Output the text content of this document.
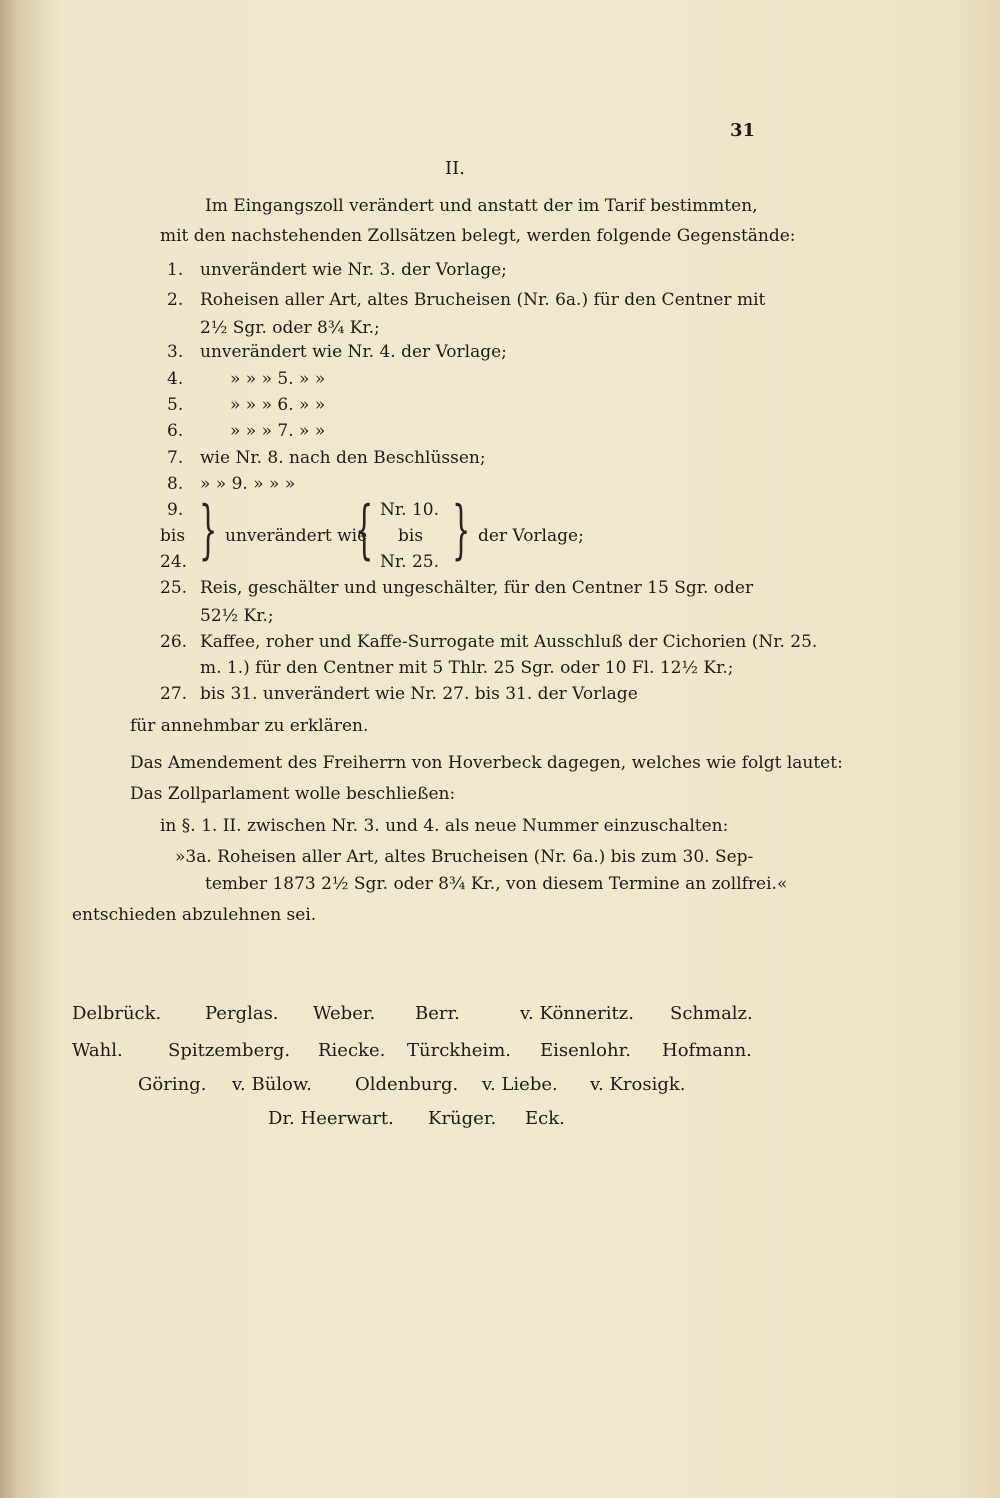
31
II.
Im Eingangszoll verändert und anstatt der im Tarif bestimmten,
mit den nachstehenden Zollsätzen belegt, werden folgende Gegenstände:
1. unverändert wie Nr. 3. der Vorlage;
2. Roheisen aller Art, altes Brucheisen (Nr. 6a.) für den Centner mit
2½ Sgr. oder 8¾ Kr.;
3. unverändert wie Nr. 4. der Vorlage;
4.	» » » 5. » »
5.	» » » 6. » »
6.	» » » 7. » »
7. wie Nr. 8. nach den Beschlüssen;
8. » » 9. » » »
9.
bis
24. } unverändert wie
{ Nr. 10.
bis
Nr. 25. } der Vorlage;
25. Reis, geschälter und ungeschälter, für den Centner 15 Sgr. oder
52½ Kr.;
26. Kaffee, roher und Kaffe-Surrogate mit Ausschluß der Cichorien (Nr. 25.
m. 1.) für den Centner mit 5 Thlr. 25 Sgr. oder 10 Fl. 12½ Kr.;
27. bis 31. unverändert wie Nr. 27. bis 31. der Vorlage
für annehmbar zu erklären.
Das Amendement des Freiherrn von Hoverbeck dagegen, welches wie folgt lautet:
Das Zollparlament wolle beschließen:
in §. 1. II. zwischen Nr. 3. und 4. als neue Nummer einzuschalten:
»3a. Roheisen aller Art, altes Brucheisen (Nr. 6a.) bis zum 30. Sep-
tember 1873 2½ Sgr. oder 8¾ Kr., von diesem Termine an zollfrei.«
entschieden abzulehnen sei.
Delbrück. Perglas. Weber. Berr.	v. Könneritz. Schmalz.
Wahl.	Spitzemberg. Riecke. Türckheim. Eisenlohr. Hofmann.
Göring. v. Bülow. Oldenburg. v. Liebe. v. Krosigk.
Dr. Heerwart. Krüger. Eck.
